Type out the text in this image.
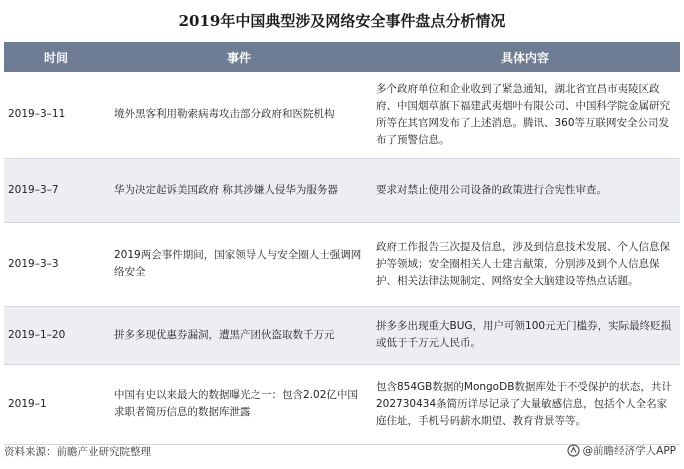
2019年中国典型涉及网络安全事件盘点分析情况
时间	事件	具体内容
2019–3–11	境外黑客利用勒索病毒攻击部分政府和医院机构	多个政府单位和企业收到了紧急通知，湖北省宜昌市夷陵区政府、中国烟草旗下福建武夷烟叶有限公司、中国科学院金属研究所等在其官网发布了上述消息。腾讯、360等互联网安全公司发布了预警信息。
2019–3–7	华为决定起诉美国政府 称其涉嫌人侵华为服务器	要求对禁止使用公司设备的政策进行合宪性审查。
2019–3–3	2019两会事件期间，国家领导人与安全圈人士强调网络安全	政府工作报告三次提及信息，涉及到信息技术发展、个人信息保护等领域；安全圈相关人士建言献策，分别涉及到个人信息保护、相关法律法规制定、网络安全大脑建设等热点话题。
2019–1–20	拼多多现优惠券漏洞，遭黑产团伙盗取数千万元	拼多多出现重大BUG，用户可领100元无门槛券，实际最终贬损或低于千万元人民币。
2019–1	中国有史以来最大的数据曝光之一：包含2.02亿中国求职者简历信息的数据库泄露	包含854GB数据的MongoDB数据库处于不受保护的状态，共计202730434条简历详尽记录了大量敏感信息，包括个人全名家庭住址，手机号码薪水期望、教育背景等等。
资料来源：前瞻产业研究院整理	@前瞻经济学人APP
